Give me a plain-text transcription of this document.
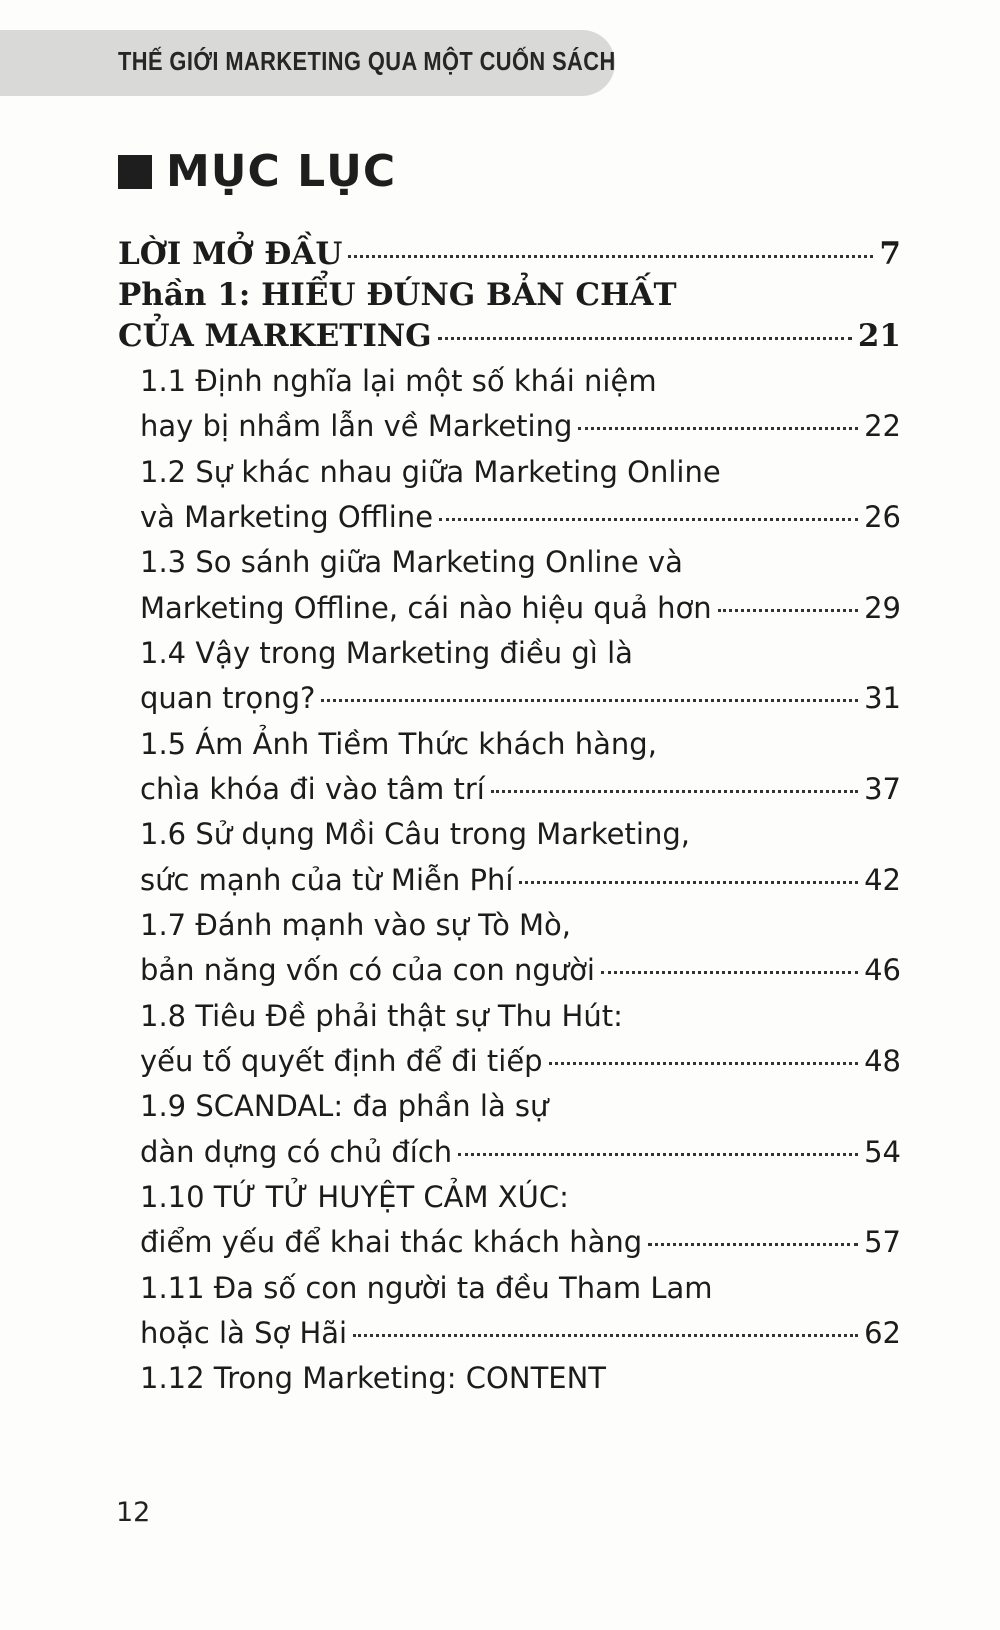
THẾ GIỚI MARKETING QUA MỘT CUỐN SÁCH
MỤC LỤC
LỜI MỞ ĐẦU	7
Phần 1: HIỂU ĐÚNG BẢN CHẤT
CỦA MARKETING	21
1.1 Định nghĩa lại một số khái niệm
hay bị nhầm lẫn về Marketing	22
1.2 Sự khác nhau giữa Marketing Online
và Marketing Offline	26
1.3 So sánh giữa Marketing Online và
Marketing Offline, cái nào hiệu quả hơn	29
1.4 Vậy trong Marketing điều gì là
quan trọng?	31
1.5 Ám Ảnh Tiềm Thức khách hàng,
chìa khóa đi vào tâm trí	37
1.6 Sử dụng Mồi Câu trong Marketing,
sức mạnh của từ Miễn Phí	42
1.7 Đánh mạnh vào sự Tò Mò,
bản năng vốn có của con người	46
1.8 Tiêu Đề phải thật sự Thu Hút:
yếu tố quyết định để đi tiếp	48
1.9 SCANDAL: đa phần là sự
dàn dựng có chủ đích	54
1.10 TỨ TỬ HUYỆT CẢM XÚC:
điểm yếu để khai thác khách hàng	57
1.11 Đa số con người ta đều Tham Lam
hoặc là Sợ Hãi	62
1.12 Trong Marketing: CONTENT
12
